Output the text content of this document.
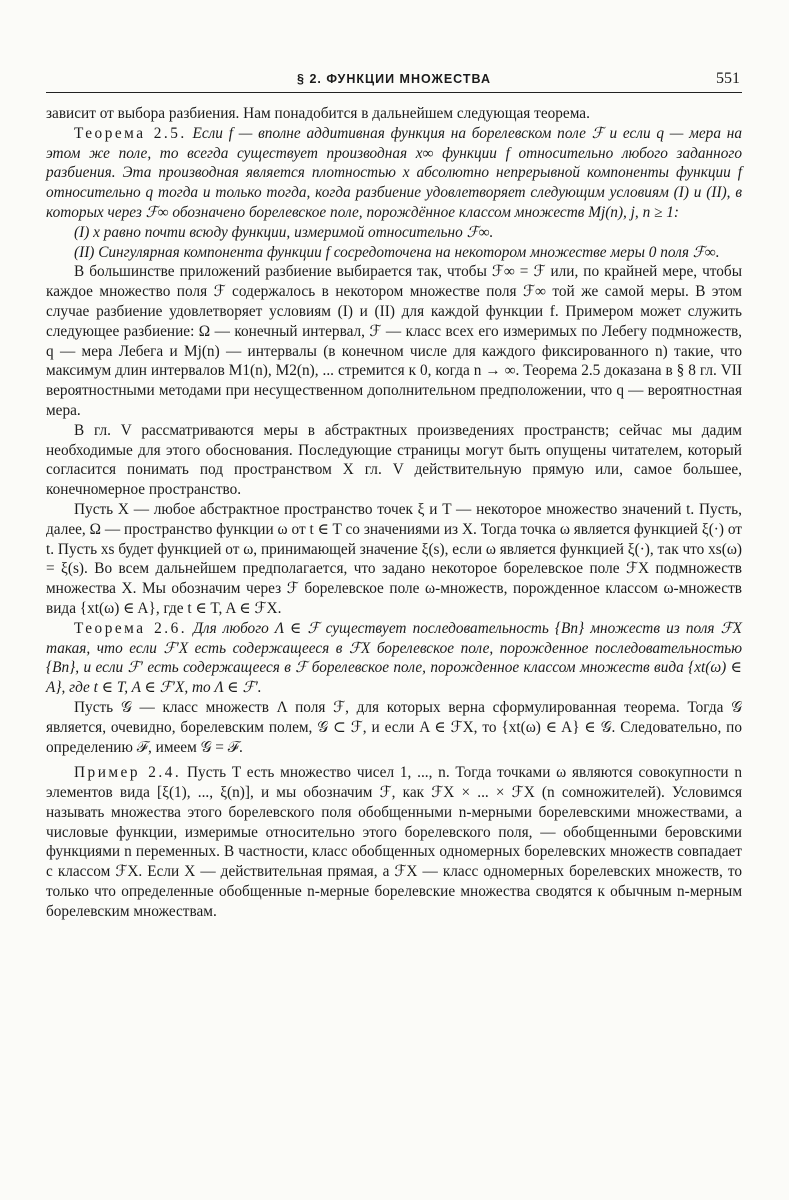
§ 2. ФУНКЦИИ МНОЖЕСТВА	551

зависит от выбора разбиения. Нам понадобится в дальнейшем следующая теорема.

Теорема 2.5. Если f — вполне аддитивная функция на борелевском поле ℱ и если q — мера на этом же поле, то всегда существует производная x∞ функции f относительно любого заданного разбиения. Эта производная является плотностью x абсолютно непрерывной компоненты функции f относительно q тогда и только тогда, когда разбиение удовлетворяет следующим условиям (I) и (II), в которых через ℱ∞ обозначено борелевское поле, порождённое классом множеств Mj(n), j, n ≥ 1:

(I) x равно почти всюду функции, измеримой относительно ℱ∞.

(II) Сингулярная компонента функции f сосредоточена на некотором множестве меры 0 поля ℱ∞.

В большинстве приложений разбиение выбирается так, чтобы ℱ∞ = ℱ или, по крайней мере, чтобы каждое множество поля ℱ содержалось в некотором множестве поля ℱ∞ той же самой меры. В этом случае разбиение удовлетворяет условиям (I) и (II) для каждой функции f. Примером может служить следующее разбиение: Ω — конечный интервал, ℱ — класс всех его измеримых по Лебегу подмножеств, q — мера Лебега и Mj(n) — интервалы (в конечном числе для каждого фиксированного n) такие, что максимум длин интервалов M1(n), M2(n), ... стремится к 0, когда n → ∞. Теорема 2.5 доказана в § 8 гл. VII вероятностными методами при несущественном дополнительном предположении, что q — вероятностная мера.

В гл. V рассматриваются меры в абстрактных произведениях пространств; сейчас мы дадим необходимые для этого обоснования. Последующие страницы могут быть опущены читателем, который согласится понимать под пространством X гл. V действительную прямую или, самое большее, конечномерное пространство.

Пусть X — любое абстрактное пространство точек ξ и T — некоторое множество значений t. Пусть, далее, Ω — пространство функции ω от t ∈ T со значениями из X. Тогда точка ω является функцией ξ(·) от t. Пусть xs будет функцией от ω, принимающей значение ξ(s), если ω является функцией ξ(·), так что xs(ω) = ξ(s). Во всем дальнейшем предполагается, что задано некоторое борелевское поле ℱX подмножеств множества X. Мы обозначим через ℱ борелевское поле ω-множеств, порожденное классом ω-множеств вида {xt(ω) ∈ A}, где t ∈ T, A ∈ ℱX.

Теорема 2.6. Для любого Λ ∈ ℱ существует последовательность {Bn} множеств из поля ℱX такая, что если ℱ′X есть содержащееся в ℱX борелевское поле, порожденное последовательностью {Bn}, и если ℱ′ есть содержащееся в ℱ борелевское поле, порожденное классом множеств вида {xt(ω) ∈ A}, где t ∈ T, A ∈ ℱ′X, то Λ ∈ ℱ′.

Пусть 𝒢 — класс множеств Λ поля ℱ, для которых верна сформулированная теорема. Тогда 𝒢 является, очевидно, борелевским полем, 𝒢 ⊂ ℱ, и если A ∈ ℱX, то {xt(ω) ∈ A} ∈ 𝒢. Следовательно, по определению ℱ, имеем 𝒢 = ℱ.

Пример 2.4. Пусть T есть множество чисел 1, ..., n. Тогда точками ω являются совокупности n элементов вида [ξ(1), ..., ξ(n)], и мы обозначим ℱ, как ℱX × ... × ℱX (n сомножителей). Условимся называть множества этого борелевского поля обобщенными n-мерными борелевскими множествами, а числовые функции, измеримые относительно этого борелевского поля, — обобщенными беровскими функциями n переменных. В частности, класс обобщенных одномерных борелевских множеств совпадает с классом ℱX. Если X — действительная прямая, а ℱX — класс одномерных борелевских множеств, то только что определенные обобщенные n-мерные борелевские множества сводятся к обычным n-мерным борелевским множествам.
